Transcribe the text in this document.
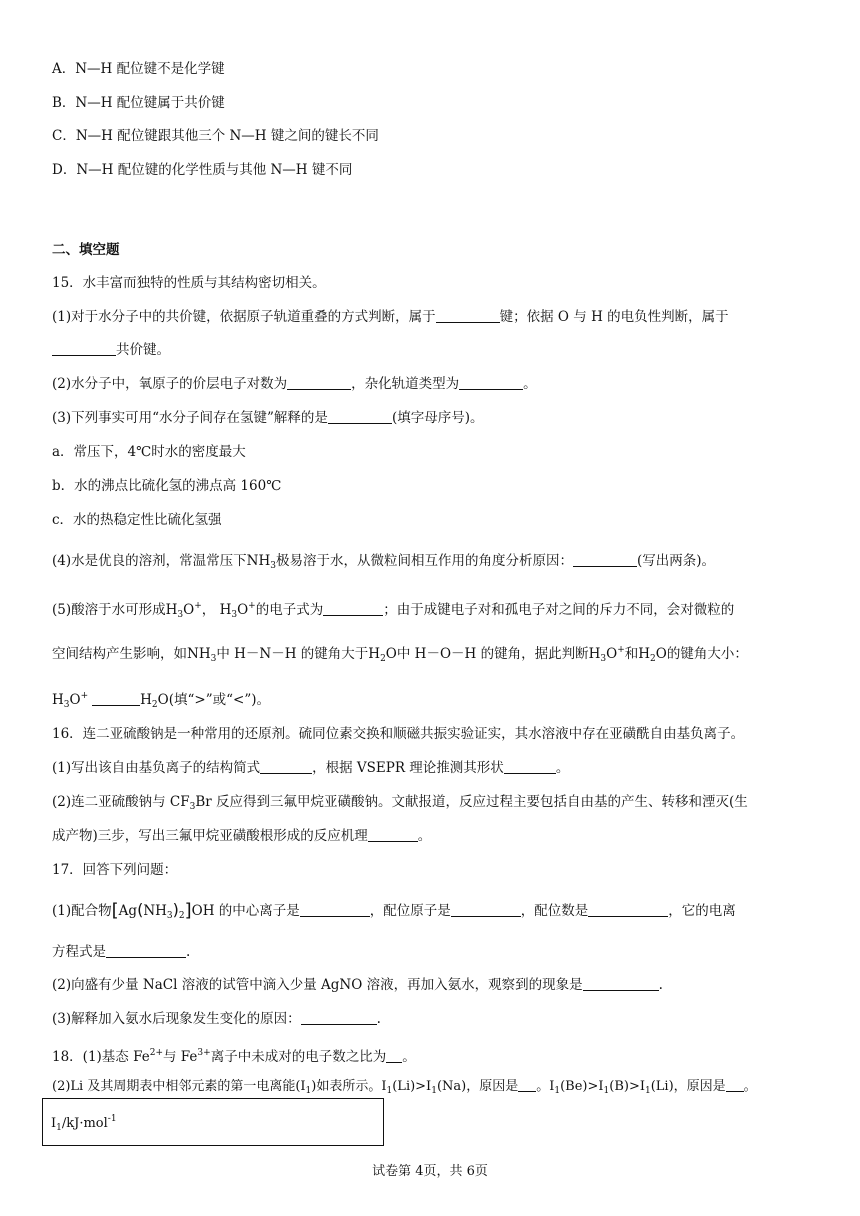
A．N—H 配位键不是化学键
B．N—H 配位键属于共价键
C．N—H 配位键跟其他三个 N—H 键之间的键长不同
D．N—H 配位键的化学性质与其他 N—H 键不同
二、填空题
15．水丰富而独特的性质与其结构密切相关。
(1)对于水分子中的共价键，依据原子轨道重叠的方式判断，属于	键；依据 O 与 H 的电负性判断，属于
共价键。
(2)水分子中，氧原子的价层电子对数为	，杂化轨道类型为	。
(3)下列事实可用“水分子间存在氢键”解释的是	(填字母序号)。
a．常压下，4℃时水的密度最大
b．水的沸点比硫化氢的沸点高 160℃
c．水的热稳定性比硫化氢强
(4)水是优良的溶剂，常温常压下$NH_3$极易溶于水，从微粒间相互作用的角度分析原因：	(写出两条)。
(5)酸溶于水可形成$H_3O^+$， $H_3O^+$的电子式为	；由于成键电子对和孤电子对之间的斥力不同，会对微粒的
空间结构产生影响，如$NH_3$中 H－N－H 的键角大于$H_2O$中 H－O－H 的键角，据此判断$H_3O^+$和$H_2O$的键角大小：
$H_3O^+$	$H_2O$(填“>”或“<”)。
16．连二亚硫酸钠是一种常用的还原剂。硫同位素交换和顺磁共振实验证实，其水溶液中存在亚磺酰自由基负离子。
(1)写出该自由基负离子的结构简式	，根据 VSEPR 理论推测其形状	。
(2)连二亚硫酸钠与 $CF_3Br$ 反应得到三氟甲烷亚磺酸钠。文献报道，反应过程主要包括自由基的产生、转移和湮灭(生
成产物)三步，写出三氟甲烷亚磺酸根形成的反应机理	。
17．回答下列问题：
(1)配合物$[Ag(NH_3)_2]OH$ 的中心离子是	，配位原子是	，配位数是	，它的电离
方程式是	.
(2)向盛有少量 NaCl 溶液的试管中滴入少量 AgNO 溶液，再加入氨水，观察到的现象是	.
(3)解释加入氨水后现象发生变化的原因：	.
18．(1)基态 $Fe^{2+}$与 $Fe^{3+}$离子中未成对的电子数之比为 。
(2)Li 及其周期表中相邻元素的第一电离能$(I_1)$如表所示。$I_1(Li)>I_1(Na)$，原因是 。$I_1(Be)>I_1(B)>I_1(Li)$，原因是 。
$I_1/kJ\cdot mol^{-1}$
试卷第 4页，共 6页
